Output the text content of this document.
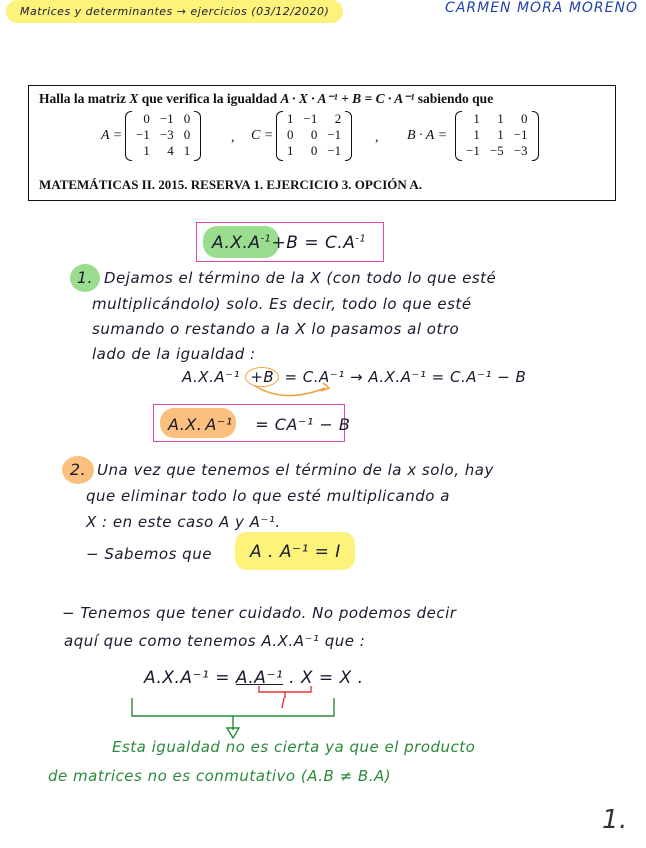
Matrices y determinantes → ejercicios (03/12/2020)	CARMEN MORA MORENO
Halla la matriz X que verifica la igualdad A · X · A⁻¹ + B = C · A⁻¹ sabiendo que
A =
0	−1	0
−1	−3	0
1	4	1
, C =
1	−1	2
0	0	−1
1	0	−1
, B · A =
1	1	0
1	1	−1
−1	−5	−3
MATEMÁTICAS II. 2015. RESERVA 1. EJERCICIO 3. OPCIÓN A.
$A.X.A^{-1}+B = C.A^{-1}$
1. Dejamos el término de la X (con todo lo que esté
multiplicándolo) solo. Es decir, todo lo que esté
sumando o restando a la X lo pasamos al otro
lado de la igualdad :
A.X.A⁻¹ +B = C.A⁻¹ → A.X.A⁻¹ = C.A⁻¹ − B
A.X. A⁻¹ = CA⁻¹ − B
2. Una vez que tenemos el término de la x solo, hay
que eliminar todo lo que esté multiplicando a
X : en este caso A y A⁻¹.
− Sabemos que A . A⁻¹ = I
− Tenemos que tener cuidado. No podemos decir
aquí que como tenemos A.X.A⁻¹ que :
A.X.A⁻¹ = A.A⁻¹ . X = X .
I
Esta igualdad no es cierta ya que el producto
de matrices no es conmutativo (A.B ≠ B.A)
1.
